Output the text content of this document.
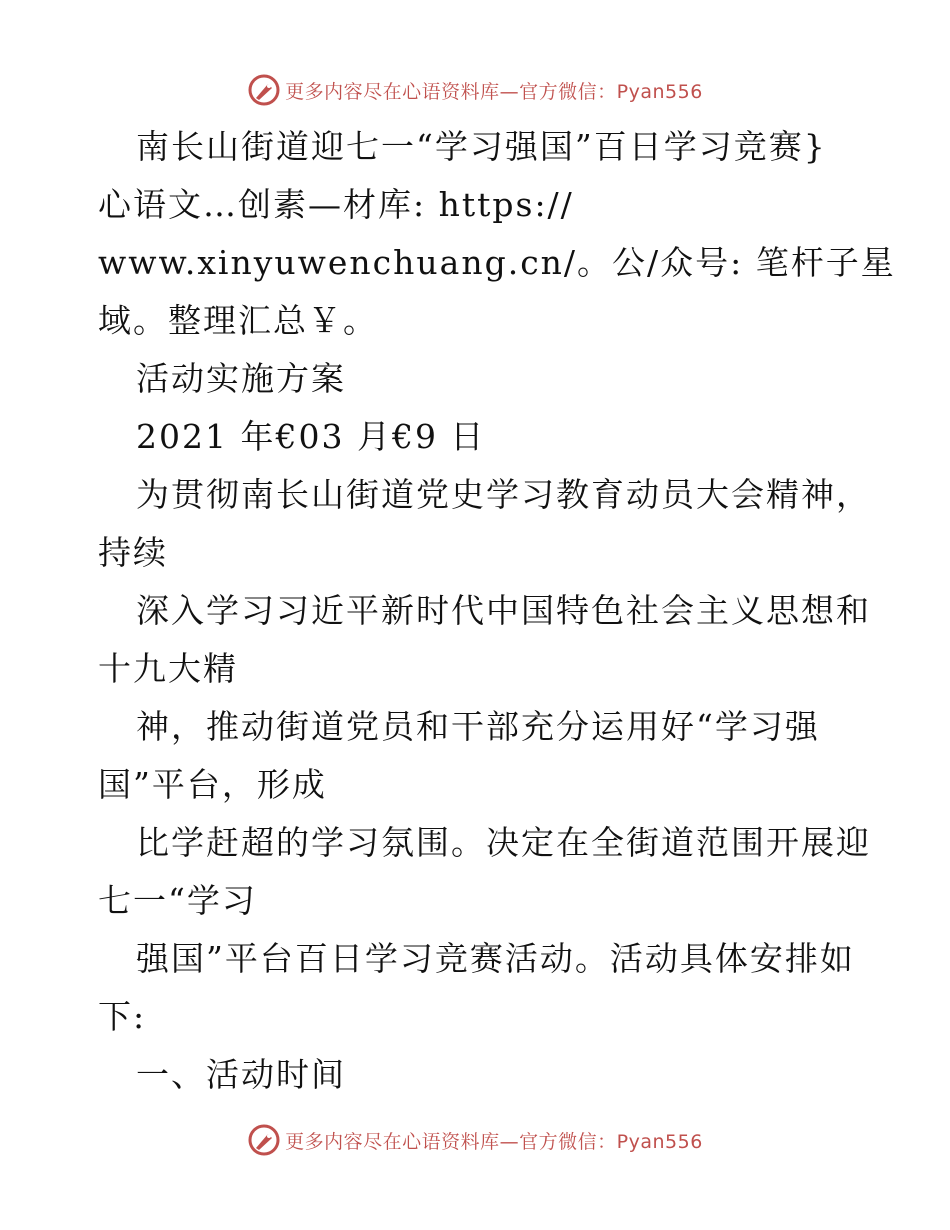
更多内容尽在心语资料库—官方微信：Pyan556
南长山街道迎七一“学习强国”百日学习竞赛}
心语文…创素—材库: https://
www.xinyuwenchuang.cn/。公/众号: 笔杆子星
域。整理汇总￥。
活动实施方案
2021 年€03 月€9 日
为贯彻南长山街道党史学习教育动员大会精神，
持续
深入学习习近平新时代中国特色社会主义思想和
十九大精
神，推动街道党员和干部充分运用好“学习强
国”平台，形成
比学赶超的学习氛围。决定在全街道范围开展迎
七一“学习
强国”平台百日学习竞赛活动。活动具体安排如
下:
一、活动时间
更多内容尽在心语资料库—官方微信：Pyan556
